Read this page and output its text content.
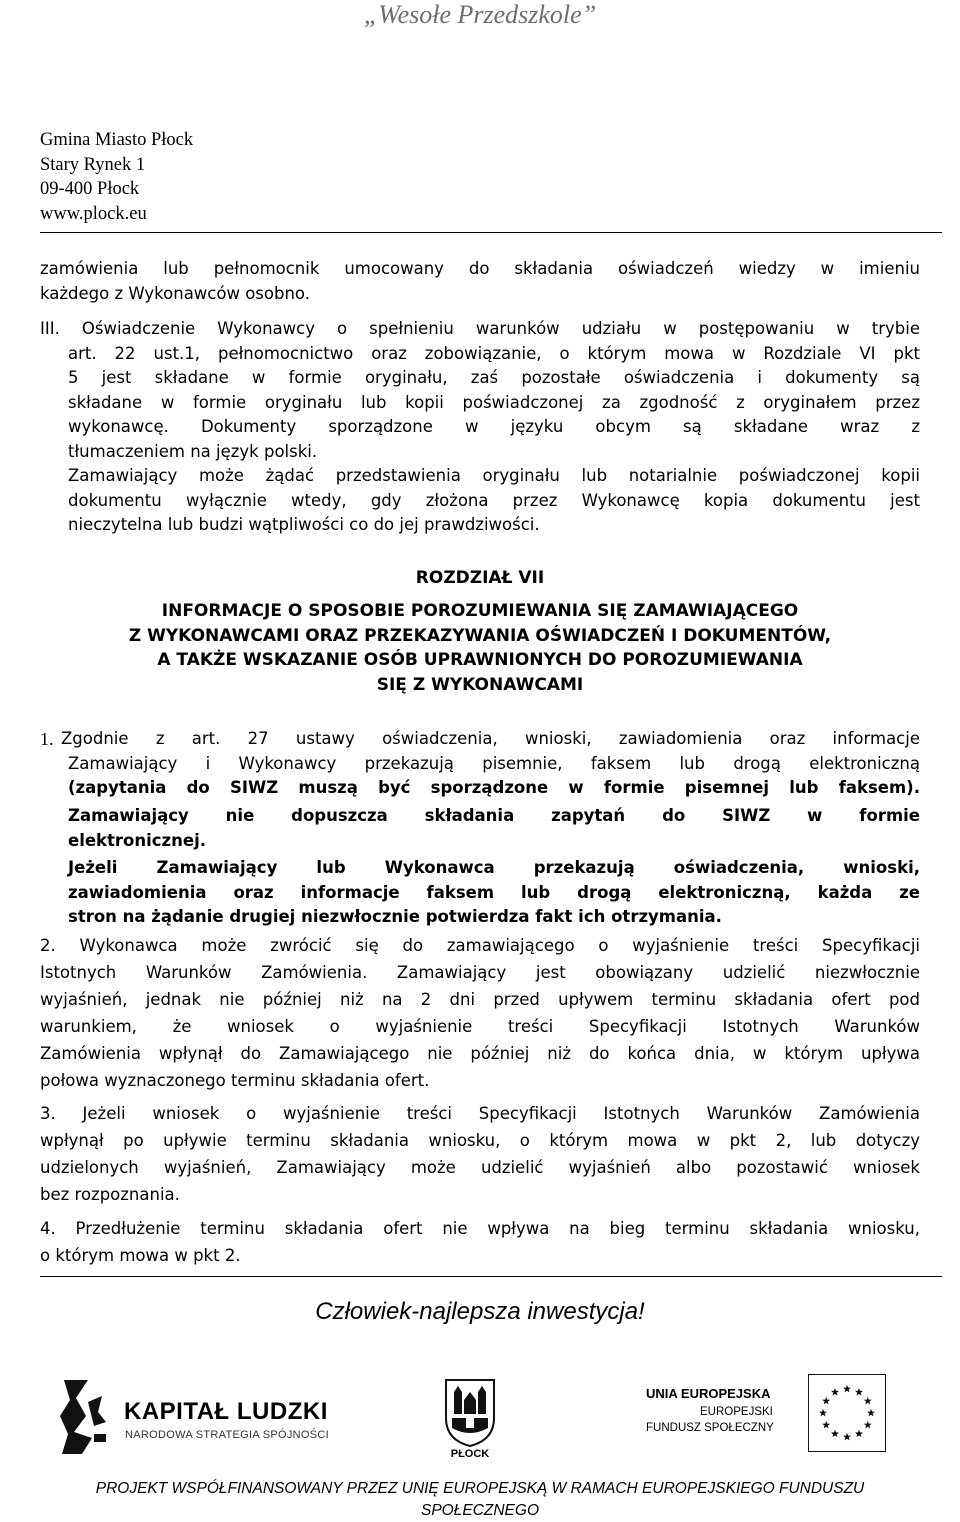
„Wesołe Przedszkole”
Gmina Miasto Płock
Stary Rynek 1
09-400 Płock
www.plock.eu
zamówienia lub pełnomocnik umocowany do składania oświadczeń wiedzy w imieniu
każdego z Wykonawców osobno.
III. Oświadczenie Wykonawcy o spełnieniu warunków udziału w postępowaniu w trybie
art. 22 ust.1, pełnomocnictwo oraz zobowiązanie, o którym mowa w Rozdziale VI pkt
5 jest składane w formie oryginału, zaś pozostałe oświadczenia i dokumenty są
składane w formie oryginału lub kopii poświadczonej za zgodność z oryginałem przez
wykonawcę. Dokumenty sporządzone w języku obcym są składane wraz z
tłumaczeniem na język polski.
Zamawiający może żądać przedstawienia oryginału lub notarialnie poświadczonej kopii
dokumentu wyłącznie wtedy, gdy złożona przez Wykonawcę kopia dokumentu jest
nieczytelna lub budzi wątpliwości co do jej prawdziwości.
ROZDZIAŁ VII
INFORMACJE O SPOSOBIE POROZUMIEWANIA SIĘ ZAMAWIAJĄCEGO
Z WYKONAWCAMI ORAZ PRZEKAZYWANIA OŚWIADCZEŃ I DOKUMENTÓW,
A TAKŻE WSKAZANIE OSÓB UPRAWNIONYCH DO POROZUMIEWANIA
SIĘ Z WYKONAWCAMI
1. Zgodnie z art. 27 ustawy oświadczenia, wnioski, zawiadomienia oraz informacje
Zamawiający i Wykonawcy przekazują pisemnie, faksem lub drogą elektroniczną
(zapytania do SIWZ muszą być sporządzone w formie pisemnej lub faksem).
Zamawiający nie dopuszcza składania zapytań do SIWZ w formie
elektronicznej.
Jeżeli Zamawiający lub Wykonawca przekazują oświadczenia, wnioski,
zawiadomienia oraz informacje faksem lub drogą elektroniczną, każda ze
stron na żądanie drugiej niezwłocznie potwierdza fakt ich otrzymania.
2. Wykonawca może zwrócić się do zamawiającego o wyjaśnienie treści Specyfikacji
Istotnych Warunków Zamówienia. Zamawiający jest obowiązany udzielić niezwłocznie
wyjaśnień, jednak nie później niż na 2 dni przed upływem terminu składania ofert pod
warunkiem, że wniosek o wyjaśnienie treści Specyfikacji Istotnych Warunków
Zamówienia wpłynął do Zamawiającego nie później niż do końca dnia, w którym upływa
połowa wyznaczonego terminu składania ofert.
3. Jeżeli wniosek o wyjaśnienie treści Specyfikacji Istotnych Warunków Zamówienia
wpłynął po upływie terminu składania wniosku, o którym mowa w pkt 2, lub dotyczy
udzielonych wyjaśnień, Zamawiający może udzielić wyjaśnień albo pozostawić wniosek
bez rozpoznania.
4. Przedłużenie terminu składania ofert nie wpływa na bieg terminu składania wniosku,
o którym mowa w pkt 2.
Człowiek-najlepsza inwestycja!
KAPITAŁ LUDZKI
NARODOWA STRATEGIA SPÓJNOŚCI
PŁOCK
UNIA EUROPEJSKA
EUROPEJSKI
FUNDUSZ SPOŁECZNY
PROJEKT WSPÓŁFINANSOWANY PRZEZ UNIĘ EUROPEJSKĄ W RAMACH EUROPEJSKIEGO FUNDUSZU
SPOŁECZNEGO
